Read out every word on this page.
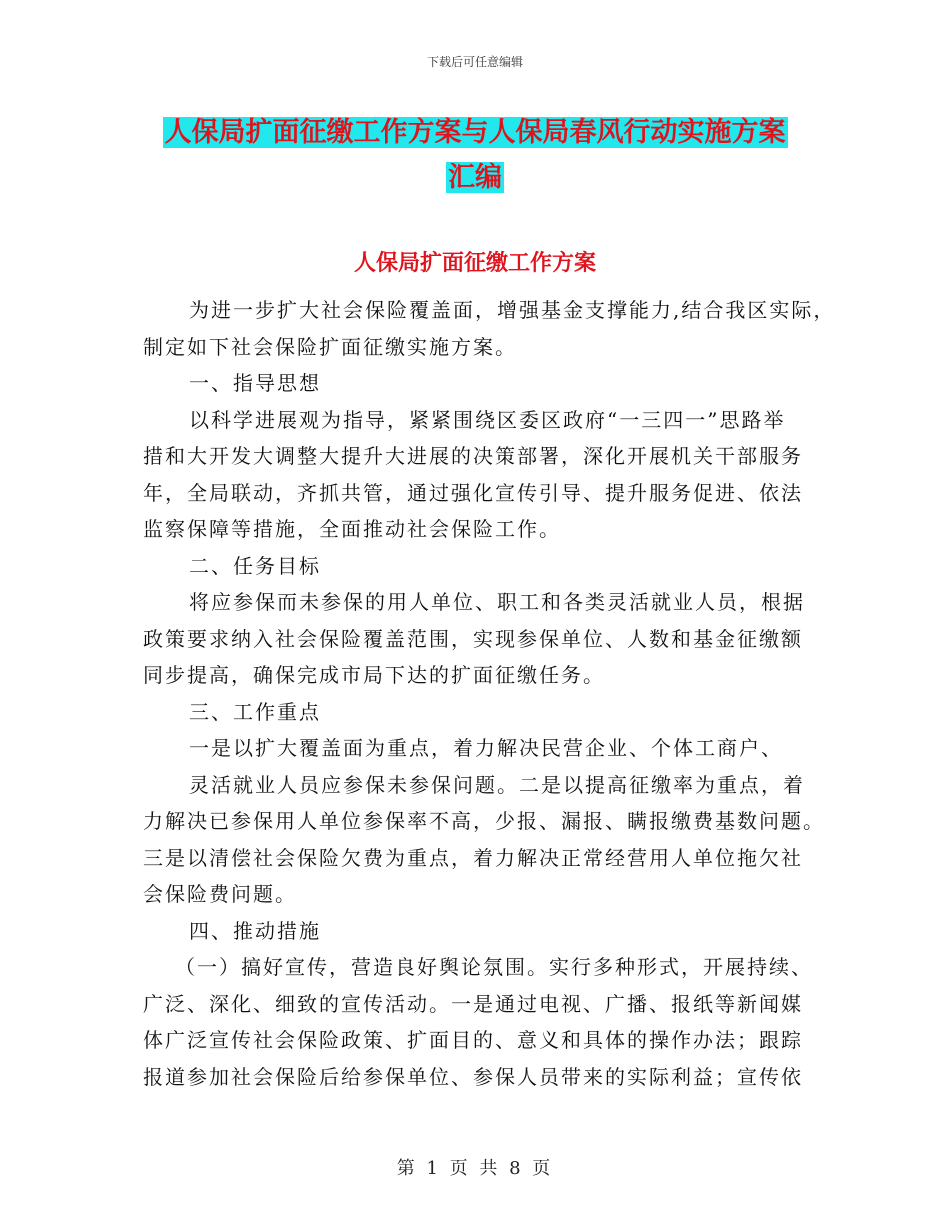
下载后可任意编辑
人保局扩面征缴工作方案与人保局春风行动实施方案
汇编
人保局扩面征缴工作方案
为进一步扩大社会保险覆盖面，增强基金支撑能力,结合我区实际，
制定如下社会保险扩面征缴实施方案。
一、指导思想
以科学进展观为指导，紧紧围绕区委区政府“一三四一”思路举
措和大开发大调整大提升大进展的决策部署，深化开展机关干部服务
年，全局联动，齐抓共管，通过强化宣传引导、提升服务促进、依法
监察保障等措施，全面推动社会保险工作。
二、任务目标
将应参保而未参保的用人单位、职工和各类灵活就业人员，根据
政策要求纳入社会保险覆盖范围，实现参保单位、人数和基金征缴额
同步提高，确保完成市局下达的扩面征缴任务。
三、工作重点
一是以扩大覆盖面为重点，着力解决民营企业、个体工商户、
灵活就业人员应参保未参保问题。二是以提高征缴率为重点，着
力解决已参保用人单位参保率不高，少报、漏报、瞒报缴费基数问题。
三是以清偿社会保险欠费为重点，着力解决正常经营用人单位拖欠社
会保险费问题。
四、推动措施
（一）搞好宣传，营造良好舆论氛围。实行多种形式，开展持续、
广泛、深化、细致的宣传活动。一是通过电视、广播、报纸等新闻媒
体广泛宣传社会保险政策、扩面目的、意义和具体的操作办法；跟踪
报道参加社会保险后给参保单位、参保人员带来的实际利益；宣传依
第 1 页 共 8 页
